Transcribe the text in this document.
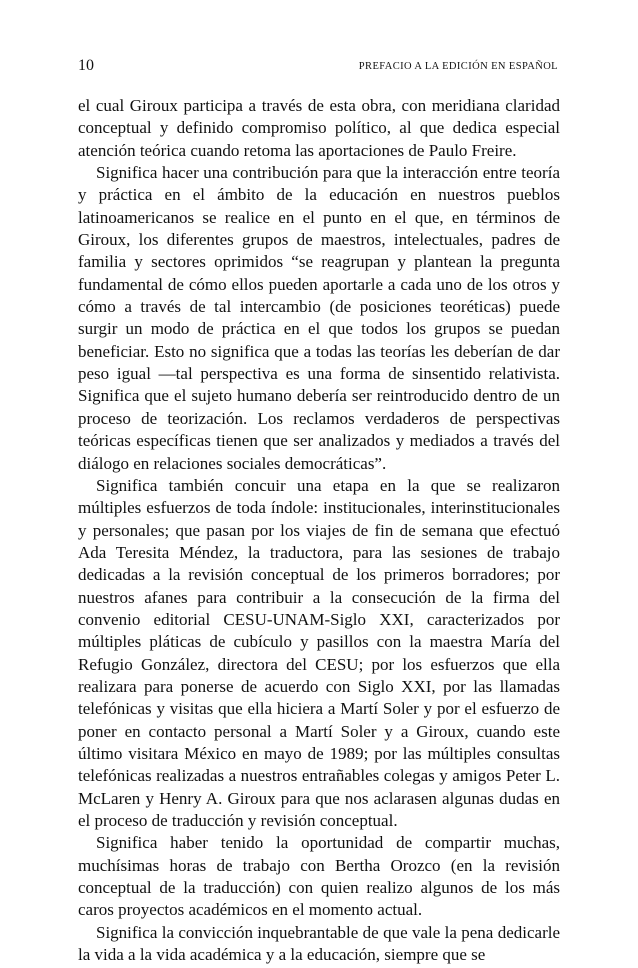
10	PREFACIO A LA EDICIÓN EN ESPAÑOL

el cual Giroux participa a través de esta obra, con meridiana claridad conceptual y definido compromiso político, al que dedica especial atención teórica cuando retoma las aportaciones de Paulo Freire.

Significa hacer una contribución para que la interacción entre teoría y práctica en el ámbito de la educación en nuestros pueblos latinoamericanos se realice en el punto en el que, en términos de Giroux, los diferentes grupos de maestros, intelectuales, padres de familia y sectores oprimidos “se reagrupan y plantean la pregunta fundamental de cómo ellos pueden aportarle a cada uno de los otros y cómo a través de tal intercambio (de posiciones teoréticas) puede surgir un modo de práctica en el que todos los grupos se puedan beneficiar. Esto no significa que a todas las teorías les deberían de dar peso igual —tal perspectiva es una forma de sinsentido relativista. Significa que el sujeto humano debería ser reintroducido dentro de un proceso de teorización. Los reclamos verdaderos de perspectivas teóricas específicas tienen que ser analizados y mediados a través del diálogo en relaciones sociales democráticas”.

Significa también concuir una etapa en la que se realizaron múltiples esfuerzos de toda índole: institucionales, interinstitucionales y personales; que pasan por los viajes de fin de semana que efectuó Ada Teresita Méndez, la traductora, para las sesiones de trabajo dedicadas a la revisión conceptual de los primeros borradores; por nuestros afanes para contribuir a la consecución de la firma del convenio editorial CESU-UNAM-Siglo XXI, caracterizados por múltiples pláticas de cubículo y pasillos con la maestra María del Refugio González, directora del CESU; por los esfuerzos que ella realizara para ponerse de acuerdo con Siglo XXI, por las llamadas telefónicas y visitas que ella hiciera a Martí Soler y por el esfuerzo de poner en contacto personal a Martí Soler y a Giroux, cuando este último visitara México en mayo de 1989; por las múltiples consultas telefónicas realizadas a nuestros entrañables colegas y amigos Peter L. McLaren y Henry A. Giroux para que nos aclarasen algunas dudas en el proceso de traducción y revisión conceptual.

Significa haber tenido la oportunidad de compartir muchas, muchísimas horas de trabajo con Bertha Orozco (en la revisión conceptual de la traducción) con quien realizo algunos de los más caros proyectos académicos en el momento actual.

Significa la convicción inquebrantable de que vale la pena dedicarle la vida a la vida académica y a la educación, siempre que se
